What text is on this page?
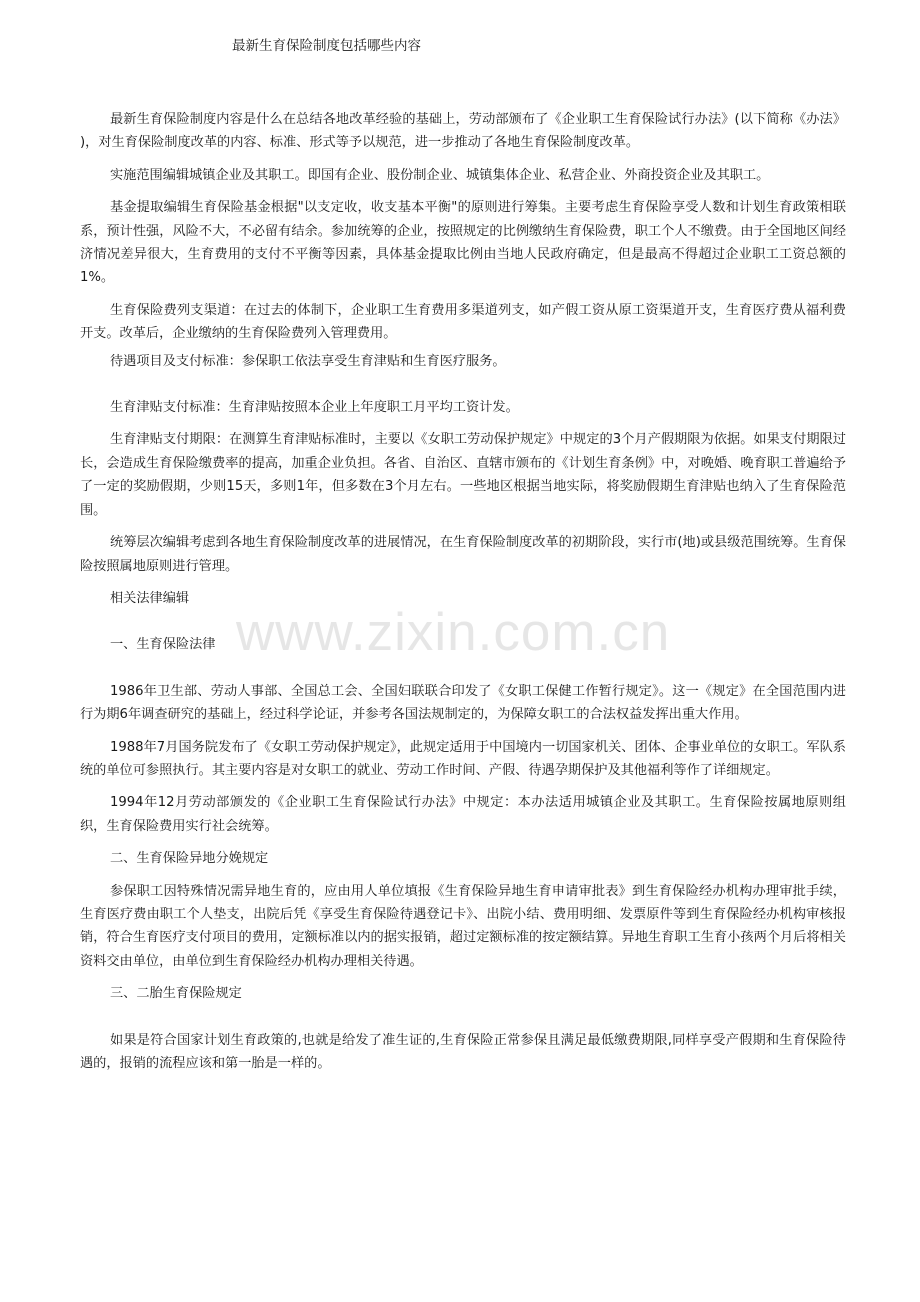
www.zixin.com.cn
最新生育保险制度包括哪些内容

最新生育保险制度内容是什么在总结各地改革经验的基础上，劳动部颁布了《企业职工生育保险试行办法》(以下简称《办法》 )，对生育保险制度改革的内容、标准、形式等予以规范，进一步推动了各地生育保险制度改革。

实施范围编辑城镇企业及其职工。即国有企业、股份制企业、城镇集体企业、私营企业、外商投资企业及其职工。

基金提取编辑生育保险基金根据"以支定收，收支基本平衡"的原则进行筹集。主要考虑生育保险享受人数和计划生育政策相联系，预计性强，风险不大，不必留有结余。参加统筹的企业，按照规定的比例缴纳生育保险费，职工个人不缴费。由于全国地区间经济情况差异很大，生育费用的支付不平衡等因素，具体基金提取比例由当地人民政府确定，但是最高不得超过企业职工工资总额的1%。

生育保险费列支渠道：在过去的体制下，企业职工生育费用多渠道列支，如产假工资从原工资渠道开支，生育医疗费从福利费开支。改革后，企业缴纳的生育保险费列入管理费用。

待遇项目及支付标准：参保职工依法享受生育津贴和生育医疗服务。

生育津贴支付标准：生育津贴按照本企业上年度职工月平均工资计发。

生育津贴支付期限：在测算生育津贴标准时，主要以《女职工劳动保护规定》中规定的3个月产假期限为依据。如果支付期限过长，会造成生育保险缴费率的提高，加重企业负担。各省、自治区、直辖市颁布的《计划生育条例》中，对晚婚、晚育职工普遍给予了一定的奖励假期，少则15天，多则1年，但多数在3个月左右。一些地区根据当地实际，将奖励假期生育津贴也纳入了生育保险范围。

统筹层次编辑考虑到各地生育保险制度改革的进展情况，在生育保险制度改革的初期阶段，实行市(地)或县级范围统筹。生育保险按照属地原则进行管理。

相关法律编辑

一、生育保险法律

1986年卫生部、劳动人事部、全国总工会、全国妇联联合印发了《女职工保健工作暂行规定》。这一《规定》在全国范围内进行为期6年调查研究的基础上，经过科学论证，并参考各国法规制定的，为保障女职工的合法权益发挥出重大作用。

1988年7月国务院发布了《女职工劳动保护规定》，此规定适用于中国境内一切国家机关、团体、企事业单位的女职工。军队系统的单位可参照执行。其主要内容是对女职工的就业、劳动工作时间、产假、待遇孕期保护及其他福利等作了详细规定。

1994年12月劳动部颁发的《企业职工生育保险试行办法》中规定：本办法适用城镇企业及其职工。生育保险按属地原则组织，生育保险费用实行社会统筹。

二、生育保险异地分娩规定

参保职工因特殊情况需异地生育的，应由用人单位填报《生育保险异地生育申请审批表》到生育保险经办机构办理审批手续，生育医疗费由职工个人垫支，出院后凭《享受生育保险待遇登记卡》、出院小结、费用明细、发票原件等到生育保险经办机构审核报销，符合生育医疗支付项目的费用，定额标准以内的据实报销，超过定额标准的按定额结算。异地生育职工生育小孩两个月后将相关资料交由单位，由单位到生育保险经办机构办理相关待遇。

三、二胎生育保险规定

如果是符合国家计划生育政策的,也就是给发了准生证的,生育保险正常参保且满足最低缴费期限,同样享受产假期和生育保险待遇的，报销的流程应该和第一胎是一样的。
